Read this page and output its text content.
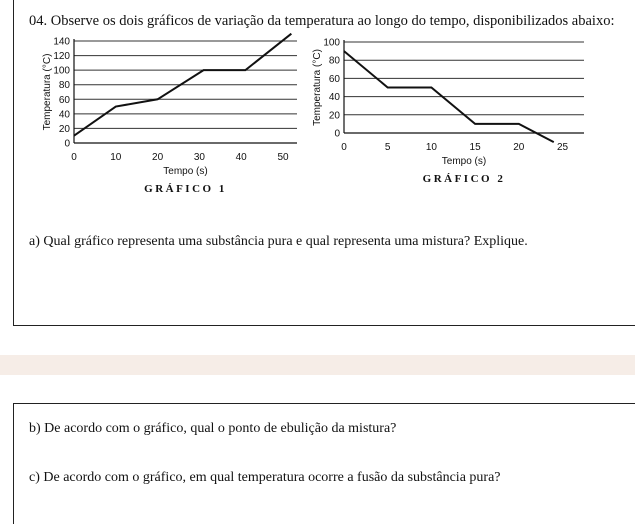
04. Observe os dois gráficos de variação da temperatura ao longo do tempo, disponibilizados abaixo:
0
20
40
60
80
100
120
140
0	10	20	30	40	50
Temperatura (°C)
Tempo (s)
GRÁFICO 1
0
20
40
60
80
100
0	5	10	15	20	25
Temperatura (°C)
Tempo (s)
GRÁFICO 2
a) Qual gráfico representa uma substância pura e qual representa uma mistura? Explique.
b) De acordo com o gráfico, qual o ponto de ebulição da mistura?
c) De acordo com o gráfico, em qual temperatura ocorre a fusão da substância pura?
